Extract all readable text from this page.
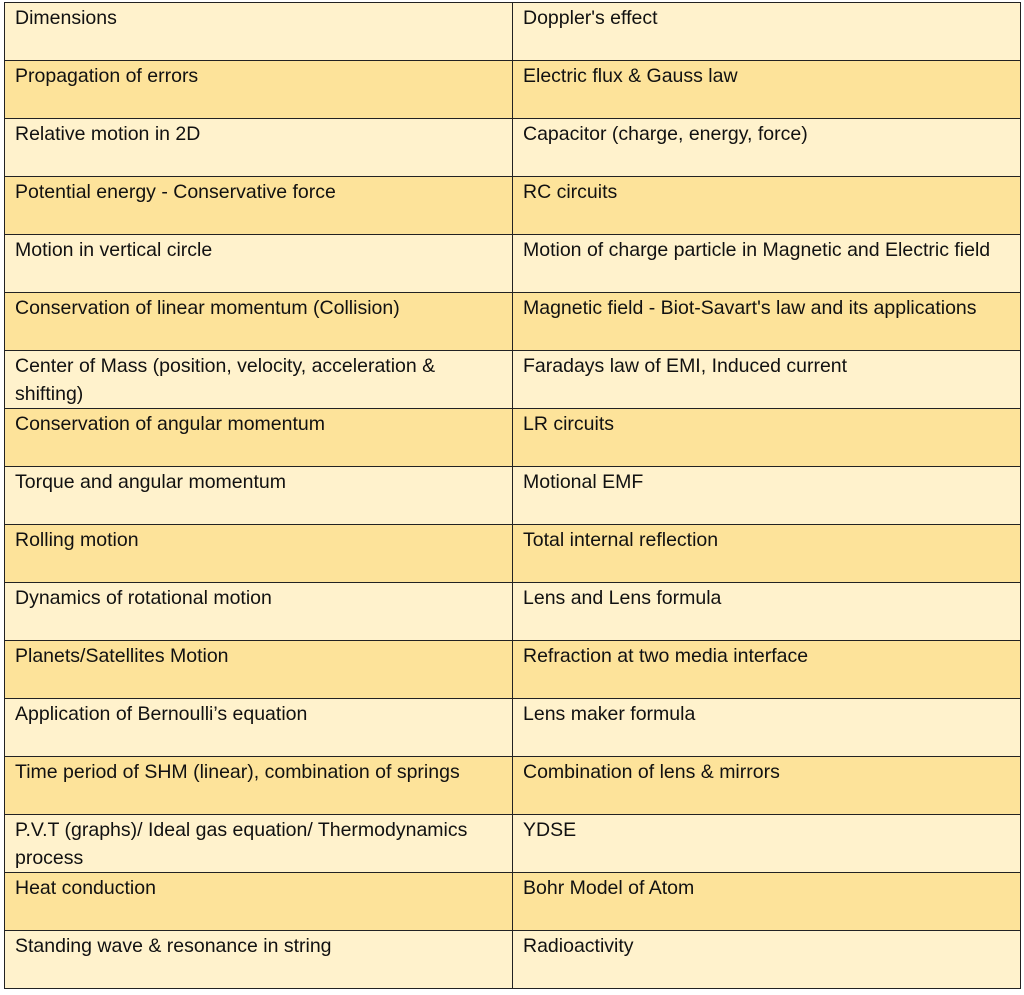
Dimensions	Doppler's effect
Propagation of errors	Electric flux & Gauss law
Relative motion in 2D	Capacitor (charge, energy, force)
Potential energy - Conservative force	RC circuits
Motion in vertical circle	Motion of charge particle in Magnetic and Electric field
Conservation of linear momentum (Collision)	Magnetic field - Biot-Savart's law and its applications
Center of Mass (position, velocity, acceleration & shifting)	Faradays law of EMI, Induced current
Conservation of angular momentum	LR circuits
Torque and angular momentum	Motional EMF
Rolling motion	Total internal reflection
Dynamics of rotational motion	Lens and Lens formula
Planets/Satellites Motion	Refraction at two media interface
Application of Bernoulli’s equation	Lens maker formula
Time period of SHM (linear), combination of springs	Combination of lens & mirrors
P.V.T (graphs)/ Ideal gas equation/ Thermodynamics process	YDSE
Heat conduction	Bohr Model of Atom
Standing wave & resonance in string	Radioactivity
